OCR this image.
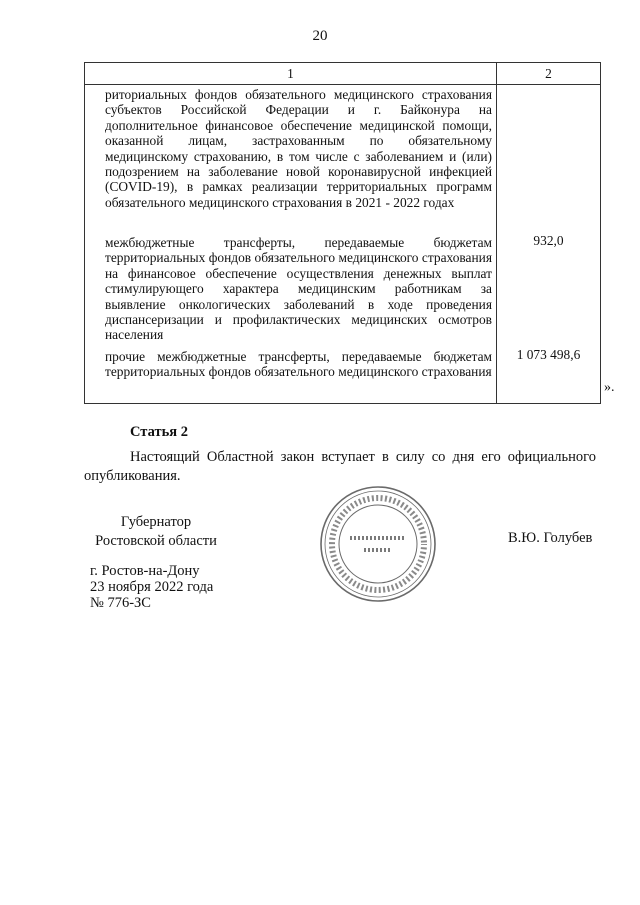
20
1	2

риториальных фондов обязательного медицинского страхования субъектов Российской Федерации и г. Байконура на дополнительное финансовое обеспечение медицинской помощи, оказанной лицам, застрахованным по обязательному медицинскому страхованию, в том числе с заболеванием и (или) подозрением на заболевание новой коронавирусной инфекцией (COVID-19), в рамках реализации территориальных программ обязательного медицинского страхования в 2021 - 2022 годах	

межбюджетные трансферты, передаваемые бюджетам территориальных фондов обязательного медицинского страхования на финансовое обеспечение осуществления денежных выплат стимулирующего характера медицинским работникам за выявление онкологических заболеваний в ходе проведения диспансеризации и профилактических медицинских осмотров населения	932,0

прочие межбюджетные трансферты, передаваемые бюджетам территориальных фондов обязательного медицинского страхования	1 073 498,6
».
Статья 2
Настоящий Областной закон вступает в силу со дня его официального опубликования.
Губернатор
Ростовской области	В.Ю. Голубев
г. Ростов-на-Дону
23 ноября 2022 года
№ 776-ЗС
